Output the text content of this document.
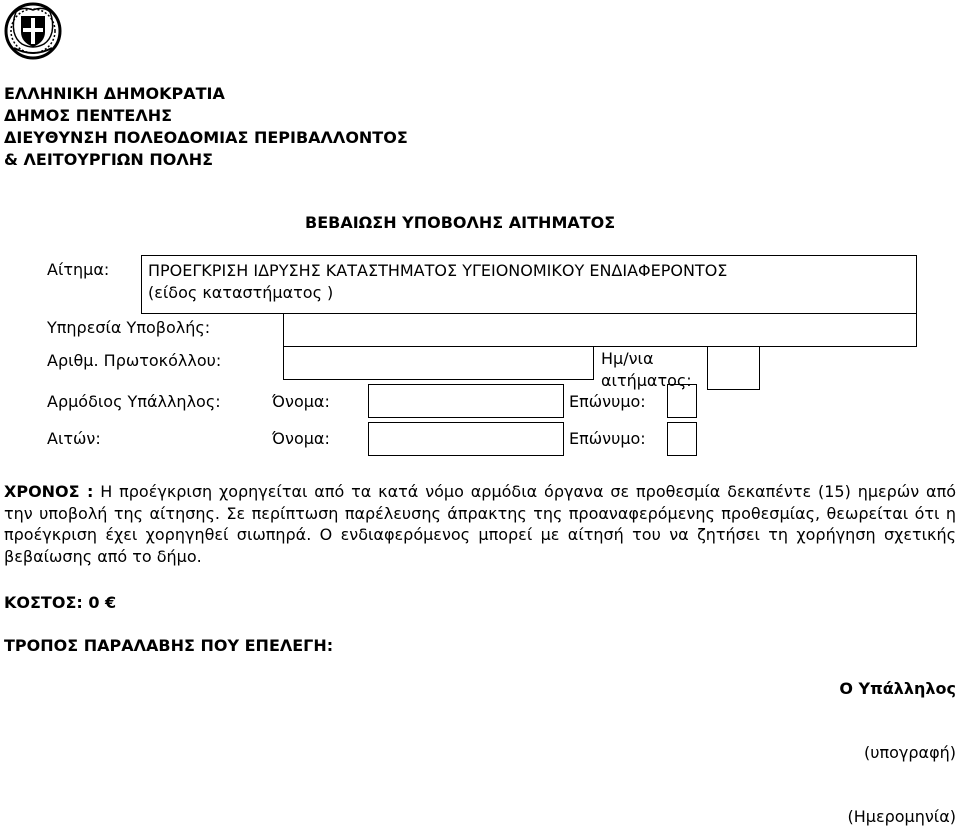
ΕΛΛΗΝΙΚΗ ΔΗΜΟΚΡΑΤΙΑ
ΔΗΜΟΣ ΠΕΝΤΕΛΗΣ
ΔΙΕΥΘΥΝΣΗ ΠΟΛΕΟΔΟΜΙΑΣ ΠΕΡΙΒΑΛΛΟΝΤΟΣ
& ΛΕΙΤΟΥΡΓΙΩΝ ΠΟΛΗΣ
ΒΕΒΑΙΩΣΗ ΥΠΟΒΟΛΗΣ ΑΙΤΗΜΑΤΟΣ
Αίτημα: ΠΡΟΕΓΚΡΙΣΗ ΙΔΡΥΣΗΣ ΚΑΤΑΣΤΗΜΑΤΟΣ ΥΓΕΙΟΝΟΜΙΚΟΥ ΕΝΔΙΑΦΕΡΟΝΤΟΣ
(είδος καταστήματος )
Υπηρεσία Υποβολής:
Αριθμ. Πρωτοκόλλου:	Ημ/νια
αιτήματος:
Αρμόδιος Υπάλληλος:	Όνομα:	Επώνυμο:
Αιτών:	Όνομα:	Επώνυμο:
ΧΡΟΝΟΣ : Η προέγκριση χορηγείται από τα κατά νόμο αρμόδια όργανα σε προθεσμία δεκαπέντε (15) ημερών από την υποβολή της αίτησης. Σε περίπτωση παρέλευσης άπρακτης της προαναφερόμενης προθεσμίας, θεωρείται ότι η προέγκριση έχει χορηγηθεί σιωπηρά. Ο ενδιαφερόμενος μπορεί με αίτησή του να ζητήσει τη χορήγηση σχετικής βεβαίωσης από το δήμο.
ΚΟΣΤΟΣ: 0 €
ΤΡΟΠΟΣ ΠΑΡΑΛΑΒΗΣ ΠΟΥ ΕΠΕΛΕΓΗ:
Ο Υπάλληλος
(υπογραφή)
(Ημερομηνία)
